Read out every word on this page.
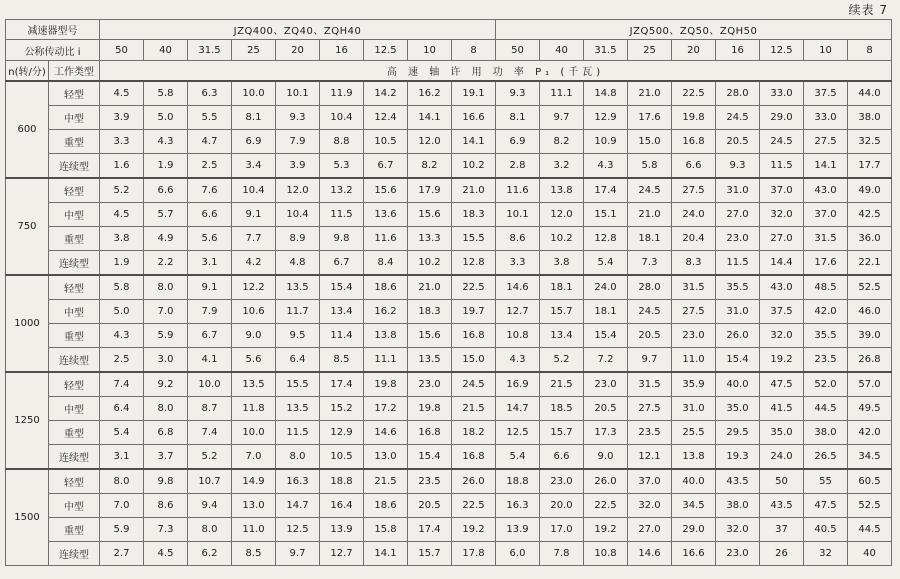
续表 7
减速器型号		JZQ400、ZQ40、ZQH40									JZQ500、ZQ50、ZQH50								
公称传动比 i		50	40	31.5	25	20	16	12.5	10	8	50	40	31.5	25	20	16	12.5	10	8
n(转/分)	工作类型	高 速 轴 许 用 功 率 P₁ (千瓦)																	
600	轻型	4.5	5.8	6.3	10.0	10.1	11.9	14.2	16.2	19.1	9.3	11.1	14.8	21.0	22.5	28.0	33.0	37.5	44.0
	中型	3.9	5.0	5.5	8.1	9.3	10.4	12.4	14.1	16.6	8.1	9.7	12.9	17.6	19.8	24.5	29.0	33.0	38.0
	重型	3.3	4.3	4.7	6.9	7.9	8.8	10.5	12.0	14.1	6.9	8.2	10.9	15.0	16.8	20.5	24.5	27.5	32.5
	连续型	1.6	1.9	2.5	3.4	3.9	5.3	6.7	8.2	10.2	2.8	3.2	4.3	5.8	6.6	9.3	11.5	14.1	17.7
750	轻型	5.2	6.6	7.6	10.4	12.0	13.2	15.6	17.9	21.0	11.6	13.8	17.4	24.5	27.5	31.0	37.0	43.0	49.0
	中型	4.5	5.7	6.6	9.1	10.4	11.5	13.6	15.6	18.3	10.1	12.0	15.1	21.0	24.0	27.0	32.0	37.0	42.5
	重型	3.8	4.9	5.6	7.7	8.9	9.8	11.6	13.3	15.5	8.6	10.2	12.8	18.1	20.4	23.0	27.0	31.5	36.0
	连续型	1.9	2.2	3.1	4.2	4.8	6.7	8.4	10.2	12.8	3.3	3.8	5.4	7.3	8.3	11.5	14.4	17.6	22.1
1000	轻型	5.8	8.0	9.1	12.2	13.5	15.4	18.6	21.0	22.5	14.6	18.1	24.0	28.0	31.5	35.5	43.0	48.5	52.5
	中型	5.0	7.0	7.9	10.6	11.7	13.4	16.2	18.3	19.7	12.7	15.7	18.1	24.5	27.5	31.0	37.5	42.0	46.0
	重型	4.3	5.9	6.7	9.0	9.5	11.4	13.8	15.6	16.8	10.8	13.4	15.4	20.5	23.0	26.0	32.0	35.5	39.0
	连续型	2.5	3.0	4.1	5.6	6.4	8.5	11.1	13.5	15.0	4.3	5.2	7.2	9.7	11.0	15.4	19.2	23.5	26.8
1250	轻型	7.4	9.2	10.0	13.5	15.5	17.4	19.8	23.0	24.5	16.9	21.5	23.0	31.5	35.9	40.0	47.5	52.0	57.0
	中型	6.4	8.0	8.7	11.8	13.5	15.2	17.2	19.8	21.5	14.7	18.5	20.5	27.5	31.0	35.0	41.5	44.5	49.5
	重型	5.4	6.8	7.4	10.0	11.5	12.9	14.6	16.8	18.2	12.5	15.7	17.3	23.5	25.5	29.5	35.0	38.0	42.0
	连续型	3.1	3.7	5.2	7.0	8.0	10.5	13.0	15.4	16.8	5.4	6.6	9.0	12.1	13.8	19.3	24.0	26.5	34.5
1500	轻型	8.0	9.8	10.7	14.9	16.3	18.8	21.5	23.5	26.0	18.8	23.0	26.0	37.0	40.0	43.5	50	55	60.5
	中型	7.0	8.6	9.4	13.0	14.7	16.4	18.6	20.5	22.5	16.3	20.0	22.5	32.0	34.5	38.0	43.5	47.5	52.5
	重型	5.9	7.3	8.0	11.0	12.5	13.9	15.8	17.4	19.2	13.9	17.0	19.2	27.0	29.0	32.0	37	40.5	44.5
	连续型	2.7	4.5	6.2	8.5	9.7	12.7	14.1	15.7	17.8	6.0	7.8	10.8	14.6	16.6	23.0	26	32	40
